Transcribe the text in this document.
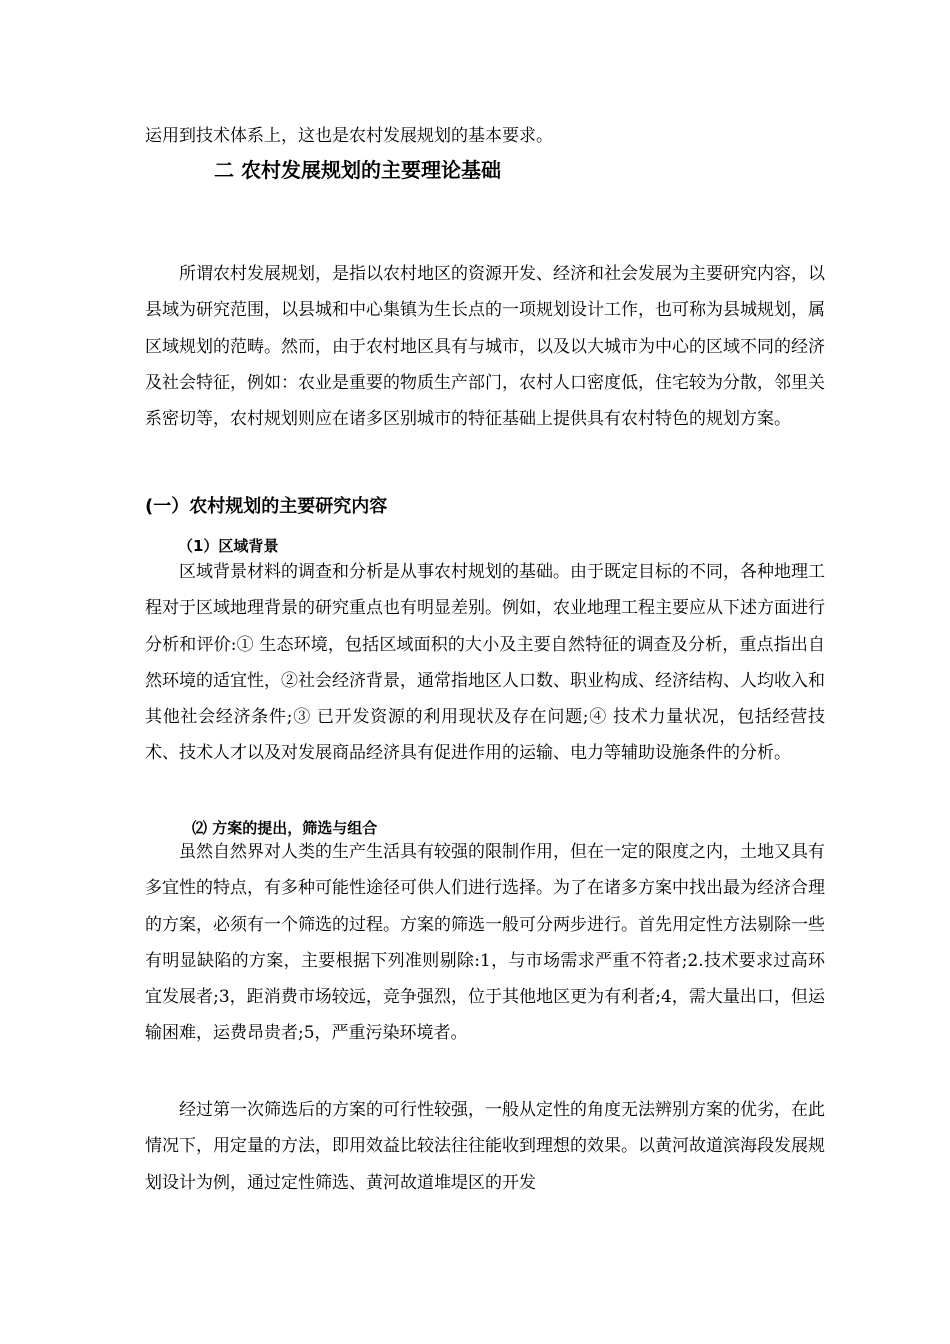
运用到技术体系上，这也是农村发展规划的基本要求。

二 农村发展规划的主要理论基础

所谓农村发展规划，是指以农村地区的资源开发、经济和社会发展为主要研究内容，以县域为研究范围，以县城和中心集镇为生长点的一项规划设计工作，也可称为县城规划，属区域规划的范畴。然而，由于农村地区具有与城市，以及以大城市为中心的区域不同的经济及社会特征，例如：农业是重要的物质生产部门，农村人口密度低，住宅较为分散，邻里关系密切等，农村规划则应在诸多区别城市的特征基础上提供具有农村特色的规划方案。

(一）农村规划的主要研究内容
（1）区域背景

区域背景材料的调查和分析是从事农村规划的基础。由于既定目标的不同，各种地理工程对于区域地理背景的研究重点也有明显差别。例如，农业地理工程主要应从下述方面进行分析和评价:① 生态环境，包括区域面积的大小及主要自然特征的调查及分析，重点指出自然环境的适宜性，②社会经济背景，通常指地区人口数、职业构成、经济结构、人均收入和其他社会经济条件;③ 已开发资源的利用现状及存在问题;④ 技术力量状况，包括经营技术、技术人才以及对发展商品经济具有促进作用的运输、电力等辅助设施条件的分析。

⑵ 方案的提出，筛选与组合

虽然自然界对人类的生产生活具有较强的限制作用，但在一定的限度之内，土地又具有多宜性的特点，有多种可能性途径可供人们进行选择。为了在诸多方案中找出最为经济合理的方案，必须有一个筛选的过程。方案的筛选一般可分两步进行。首先用定性方法剔除一些有明显缺陷的方案，主要根据下列准则剔除:1，与市场需求严重不符者;2.技术要求过高环宜发展者;3，距消费市场较远，竞争强烈，位于其他地区更为有利者;4，需大量出口，但运输困难，运费昂贵者;5，严重污染环境者。

经过第一次筛选后的方案的可行性较强，一般从定性的角度无法辨别方案的优劣，在此情况下，用定量的方法，即用效益比较法往往能收到理想的效果。以黄河故道滨海段发展规划设计为例，通过定性筛选、黄河故道堆堤区的开发
